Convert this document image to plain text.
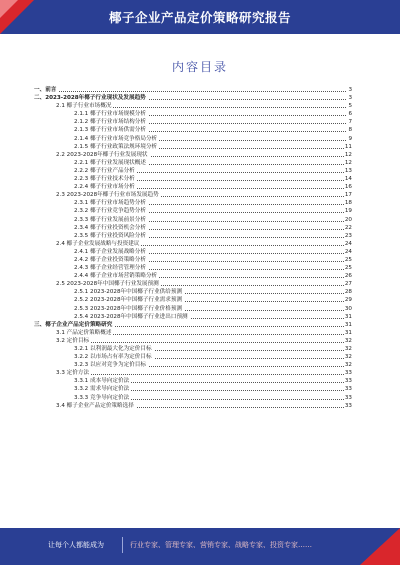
椰子企业产品定价策略研究报告
内容目录
一、前言	3
二、2023-2028年椰子行业现状及发展趋势	3
2.1 椰子行业市场概况	5
2.1.1 椰子行业市场规模分析	6
2.1.2 椰子行业市场结构分析	7
2.1.3 椰子行业市场供需分析	8
2.1.4 椰子行业市场竞争格局分析	9
2.1.5 椰子行业政策法规环境分析	11
2.2 2023-2028年椰子行业发展现状	12
2.2.1 椰子行业发展现状概述	12
2.2.2 椰子行业产品分析	13
2.2.3 椰子行业技术分析	14
2.2.4 椰子行业市场分析	16
2.3 2023-2028年椰子行业市场发展趋势	17
2.3.1 椰子行业市场趋势分析	18
2.3.2 椰子行业竞争趋势分析	19
2.3.3 椰子行业发展前景分析	20
2.3.4 椰子行业投资机会分析	22
2.3.5 椰子行业投资风险分析	23
2.4 椰子企业发展战略与投资建议	24
2.4.1 椰子企业发展战略分析	24
2.4.2 椰子企业投资策略分析	25
2.4.3 椰子企业经营管理分析	25
2.4.4 椰子企业市场营销策略分析	26
2.5 2023-2028年中国椰子行业发展预测	27
2.5.1 2023-2028年中国椰子行业供给预测	28
2.5.2 2023-2028年中国椰子行业需求预测	29
2.5.3 2023-2028年中国椰子行业价格预测	30
2.5.4 2023-2028年中国椰子行业进出口预测	31
三、椰子企业产品定价策略研究	31
3.1 产品定价策略概述	31
3.2 定价目标	32
3.2.1 以利润最大化为定价目标	32
3.2.2 以市场占有率为定价目标	32
3.2.3 以应对竞争为定价目标	32
3.3 定价方法	33
3.3.1 成本导向定价法	33
3.3.2 需求导向定价法	33
3.3.3 竞争导向定价法	33
3.4 椰子企业产品定价策略选择	33
让每个人都能成为	行业专家、管理专家、营销专家、战略专家、投资专家……
